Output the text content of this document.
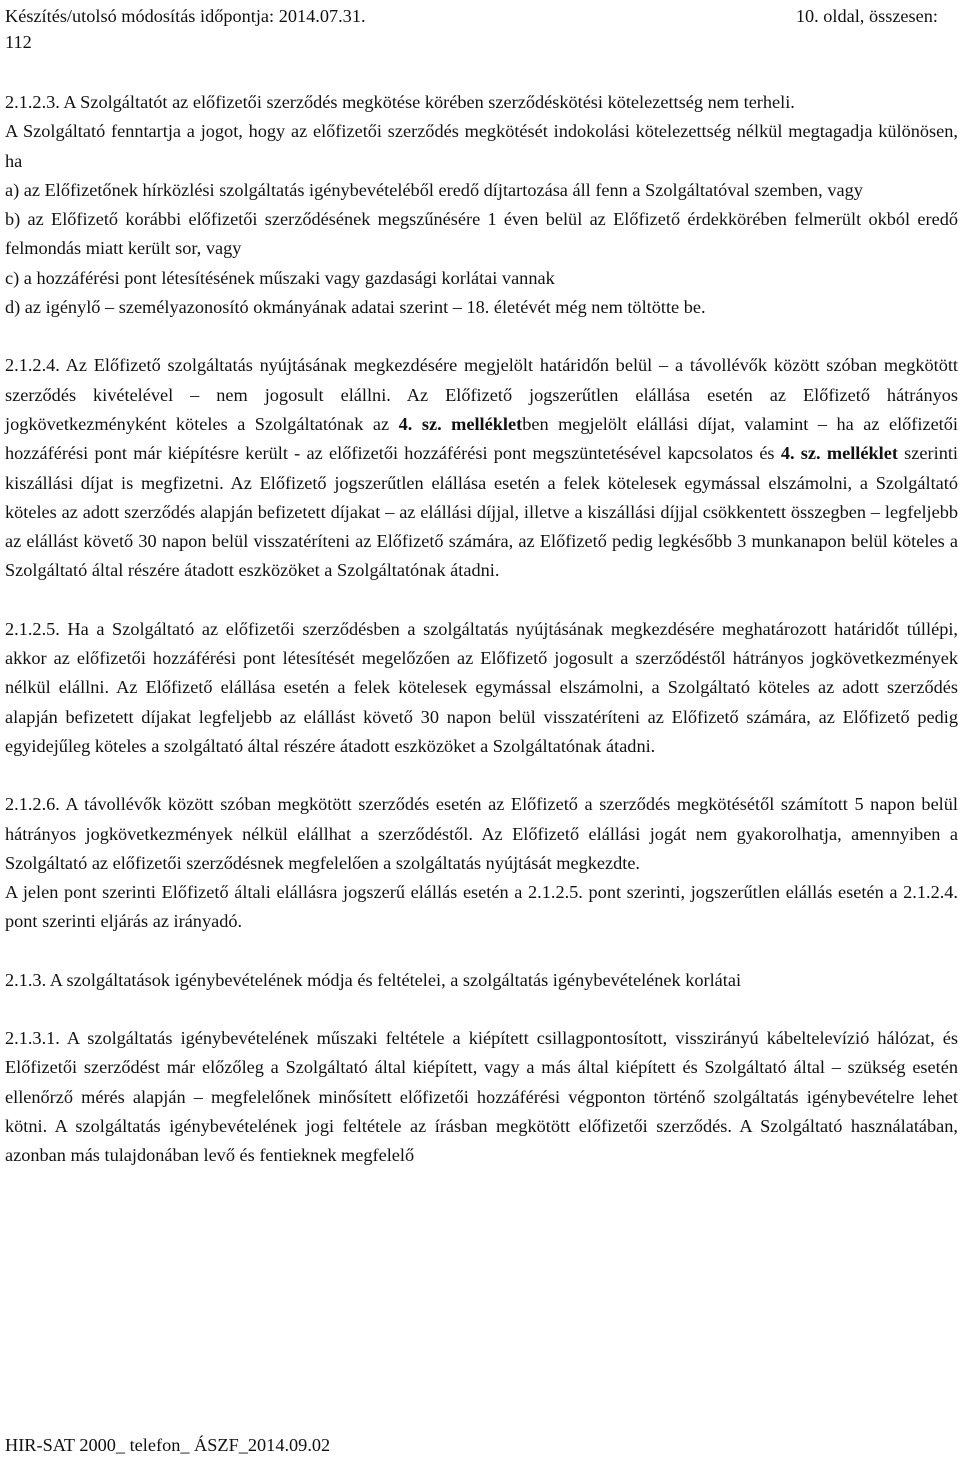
Készítés/utolsó módosítás időpontja: 2014.07.31.
112
10. oldal, összesen:

2.1.2.3. A Szolgáltatót az előfizetői szerződés megkötése körében szerződéskötési kötelezettség nem terheli.

A Szolgáltató fenntartja a jogot, hogy az előfizetői szerződés megkötését indokolási kötelezettség nélkül megtagadja különösen, ha

a) az Előfizetőnek hírközlési szolgáltatás igénybevételéből eredő díjtartozása áll fenn a Szolgáltatóval szemben, vagy

b) az Előfizető korábbi előfizetői szerződésének megszűnésére 1 éven belül az Előfizető érdekkörében felmerült okból eredő felmondás miatt került sor, vagy

c) a hozzáférési pont létesítésének műszaki vagy gazdasági korlátai vannak

d) az igénylő – személyazonosító okmányának adatai szerint – 18. életévét még nem töltötte be.

2.1.2.4. Az Előfizető szolgáltatás nyújtásának megkezdésére megjelölt határidőn belül – a távollévők között szóban megkötött szerződés kivételével – nem jogosult elállni. Az Előfizető jogszerűtlen elállása esetén az Előfizető hátrányos jogkövetkezményként köteles a Szolgáltatónak az 4. sz. mellékletben megjelölt elállási díjat, valamint – ha az előfizetői hozzáférési pont már kiépítésre került - az előfizetői hozzáférési pont megszüntetésével kapcsolatos és 4. sz. melléklet szerinti kiszállási díjat is megfizetni. Az Előfizető jogszerűtlen elállása esetén a felek kötelesek egymással elszámolni, a Szolgáltató köteles az adott szerződés alapján befizetett díjakat – az elállási díjjal, illetve a kiszállási díjjal csökkentett összegben – legfeljebb az elállást követő 30 napon belül visszatéríteni az Előfizető számára, az Előfizető pedig legkésőbb 3 munkanapon belül köteles a Szolgáltató által részére átadott eszközöket a Szolgáltatónak átadni.

2.1.2.5. Ha a Szolgáltató az előfizetői szerződésben a szolgáltatás nyújtásának megkezdésére meghatározott határidőt túllépi, akkor az előfizetői hozzáférési pont létesítését megelőzően az Előfizető jogosult a szerződéstől hátrányos jogkövetkezmények nélkül elállni. Az Előfizető elállása esetén a felek kötelesek egymással elszámolni, a Szolgáltató köteles az adott szerződés alapján befizetett díjakat legfeljebb az elállást követő 30 napon belül visszatéríteni az Előfizető számára, az Előfizető pedig egyidejűleg köteles a szolgáltató által részére átadott eszközöket a Szolgáltatónak átadni.

2.1.2.6. A távollévők között szóban megkötött szerződés esetén az Előfizető a szerződés megkötésétől számított 5 napon belül hátrányos jogkövetkezmények nélkül elállhat a szerződéstől. Az Előfizető elállási jogát nem gyakorolhatja, amennyiben a Szolgáltató az előfizetői szerződésnek megfelelően a szolgáltatás nyújtását megkezdte.

A jelen pont szerinti Előfizető általi elállásra jogszerű elállás esetén a 2.1.2.5. pont szerinti, jogszerűtlen elállás esetén a 2.1.2.4. pont szerinti eljárás az irányadó.

2.1.3. A szolgáltatások igénybevételének módja és feltételei, a szolgáltatás igénybevételének korlátai

2.1.3.1. A szolgáltatás igénybevételének műszaki feltétele a kiépített csillagpontosított, visszirányú kábeltelevízió hálózat, és Előfizetői szerződést már előzőleg a Szolgáltató által kiépített, vagy a más által kiépített és Szolgáltató által – szükség esetén ellenőrző mérés alapján – megfelelőnek minősített előfizetői hozzáférési végponton történő szolgáltatás igénybevételre lehet kötni. A szolgáltatás igénybevételének jogi feltétele az írásban megkötött előfizetői szerződés. A Szolgáltató használatában, azonban más tulajdonában levő és fentieknek megfelelő

HIR-SAT 2000_ telefon_ ÁSZF_2014.09.02
